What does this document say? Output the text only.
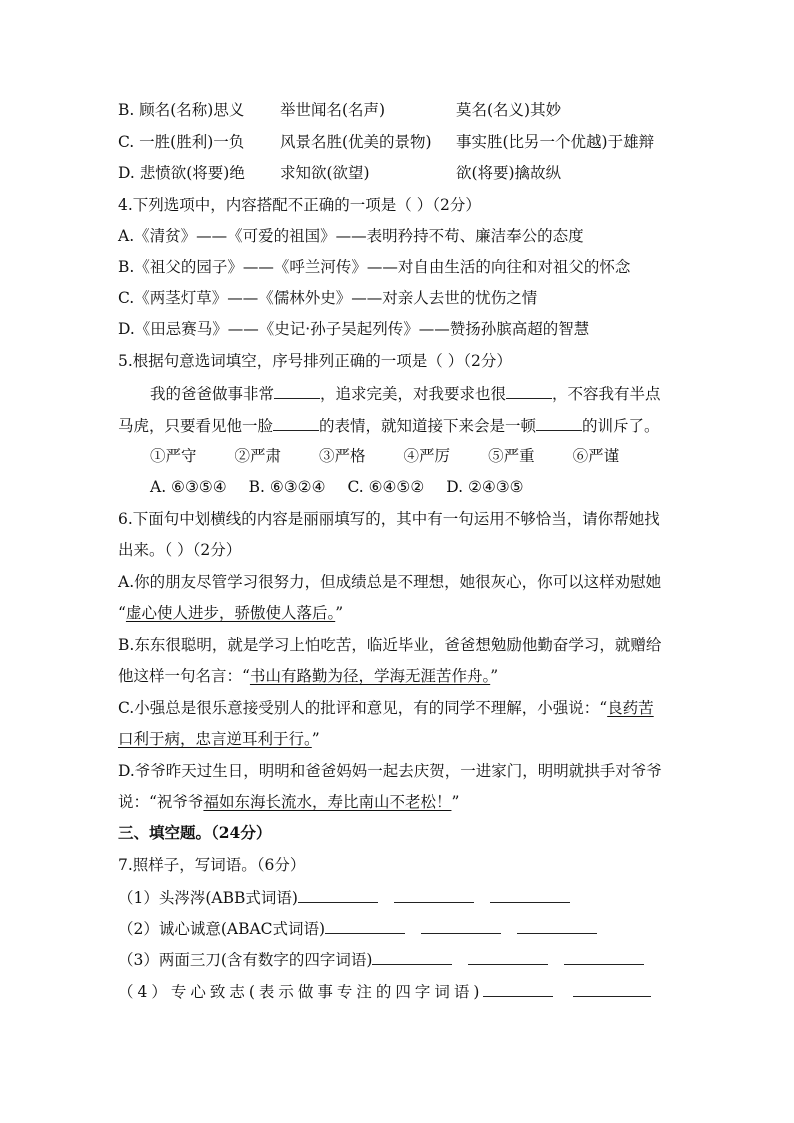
B. 顾名(名称)思义 举世闻名(名声)	莫名(名义)其妙
C. 一胜(胜利)一负 风景名胜(优美的景物) 事实胜(比另一个优越)于雄辩
D. 悲愤欲(将要)绝 求知欲(欲望)	欲(将要)擒故纵
4.下列选项中，内容搭配不正确的一项是（ ）（2分）
A.《清贫》——《可爱的祖国》——表明矜持不苟、廉洁奉公的态度
B.《祖父的园子》——《呼兰河传》——对自由生活的向往和对祖父的怀念
C.《两茎灯草》——《儒林外史》——对亲人去世的忧伤之情
D.《田忌赛马》——《史记·孙子吴起列传》——赞扬孙膑高超的智慧
5.根据句意选词填空，序号排列正确的一项是（ ）（2分）
我的爸爸做事非常	，追求完美，对我要求也很	，不容我有半点
马虎，只要看见他一脸	的表情，就知道接下来会是一顿	的训斥了。
①严守 ②严肃 ③严格 ④严厉 ⑤严重 ⑥严谨
A. ⑥③⑤④ B. ⑥③②④ C. ⑥④⑤② D. ②④③⑤
6.下面句中划横线的内容是丽丽填写的，其中有一句运用不够恰当，请你帮她找
出来。（ ）（2分）
A.你的朋友尽管学习很努力，但成绩总是不理想，她很灰心，你可以这样劝慰她
“虚心使人进步，骄傲使人落后。”
B.东东很聪明，就是学习上怕吃苦，临近毕业，爸爸想勉励他勤奋学习，就赠给
他这样一句名言：“书山有路勤为径，学海无涯苦作舟。”
C.小强总是很乐意接受别人的批评和意见，有的同学不理解，小强说：“良药苦
口利于病，忠言逆耳利于行。”
D.爷爷昨天过生日，明明和爸爸妈妈一起去庆贺，一进家门，明明就拱手对爷爷
说：“祝爷爷福如东海长流水，寿比南山不老松！”
三、填空题。（24分）
7.照样子，写词语。（6分）
（1）头涔涔(ABB式词语)
（2）诚心诚意(ABAC式词语)
（3）两面三刀(含有数字的四字词语)
（4）专心致志(表示做事专注的四字词语)
